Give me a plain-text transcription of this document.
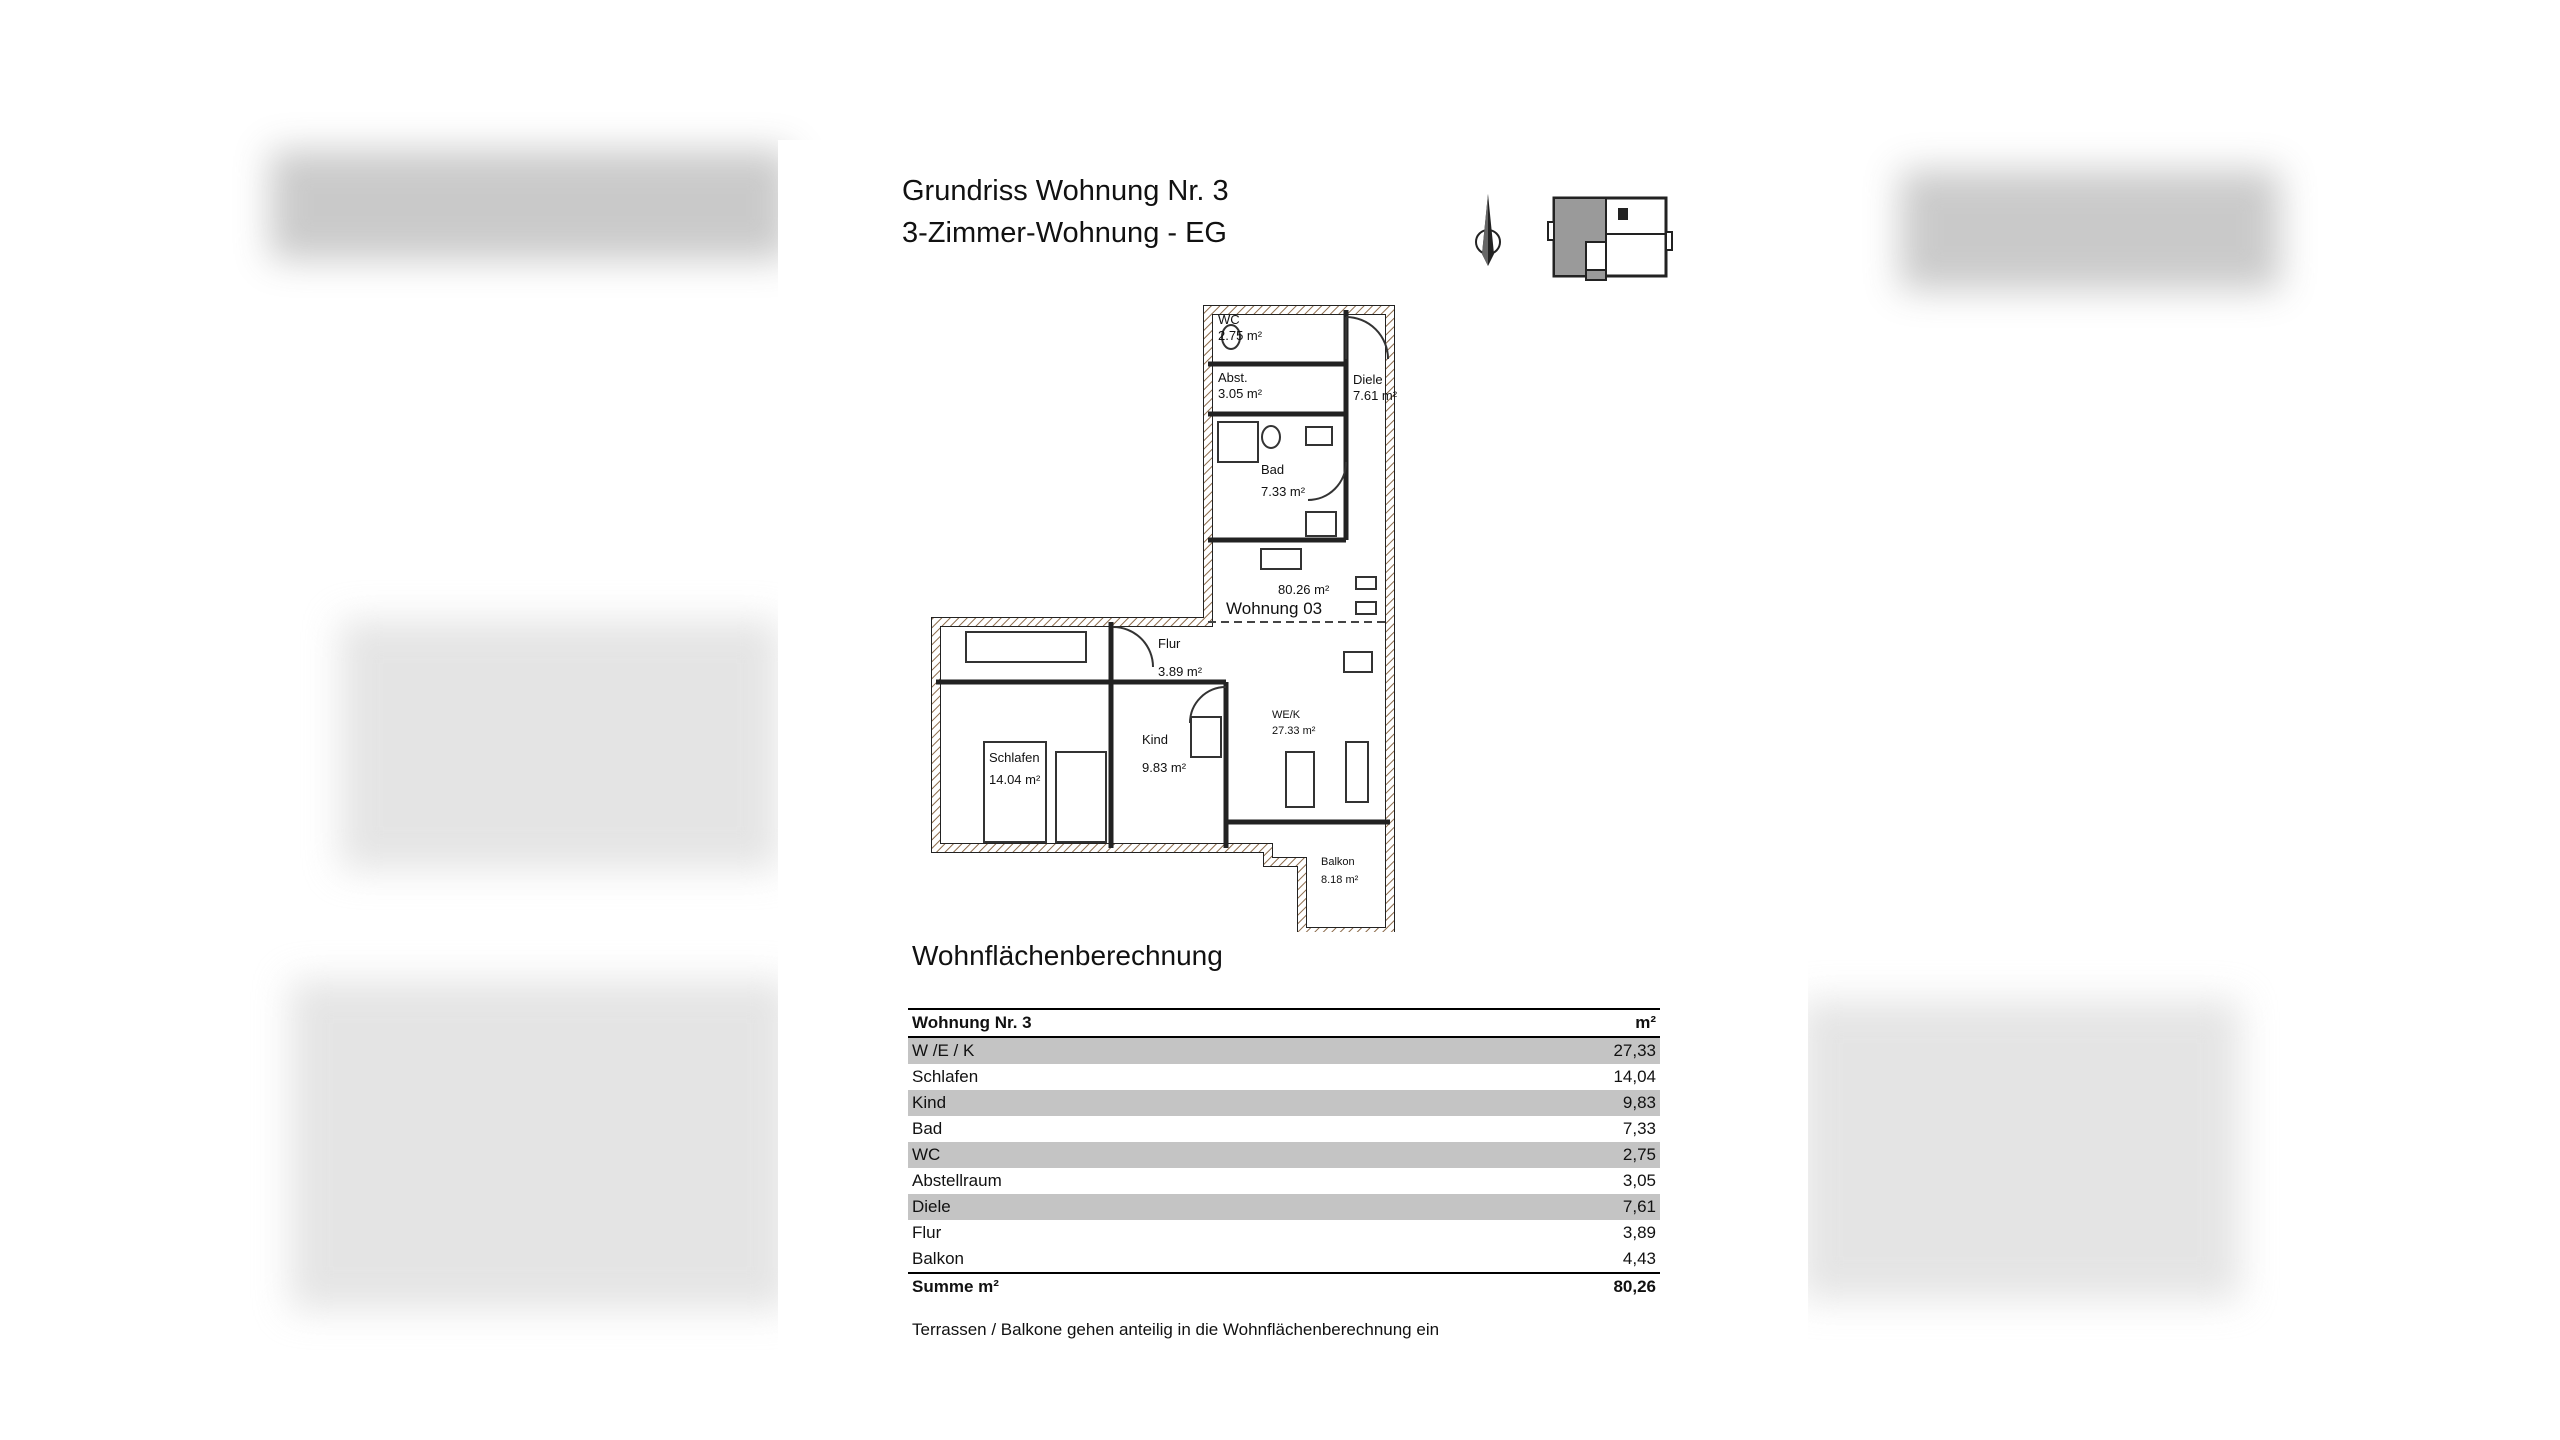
Grundriss Wohnung Nr. 3
3-Zimmer-Wohnung - EG
WC
2.75 m²
Abst.
3.05 m²
Diele
7.61 m²
Bad
7.33 m²
80.26 m²
Wohnung 03
Flur
3.89 m²
WE/K
27.33 m²
Kind
9.83 m²
Schlafen
14.04 m²
Balkon
8.18 m²
Wohnflächenberechnung
Wohnung Nr. 3	m²
W /E / K	27,33
Schlafen	14,04
Kind	9,83
Bad	7,33
WC	2,75
Abstellraum	3,05
Diele	7,61
Flur	3,89
Balkon	4,43
Summe m²	80,26
Terrassen / Balkone gehen anteilig in die Wohnflächenberechnung ein
